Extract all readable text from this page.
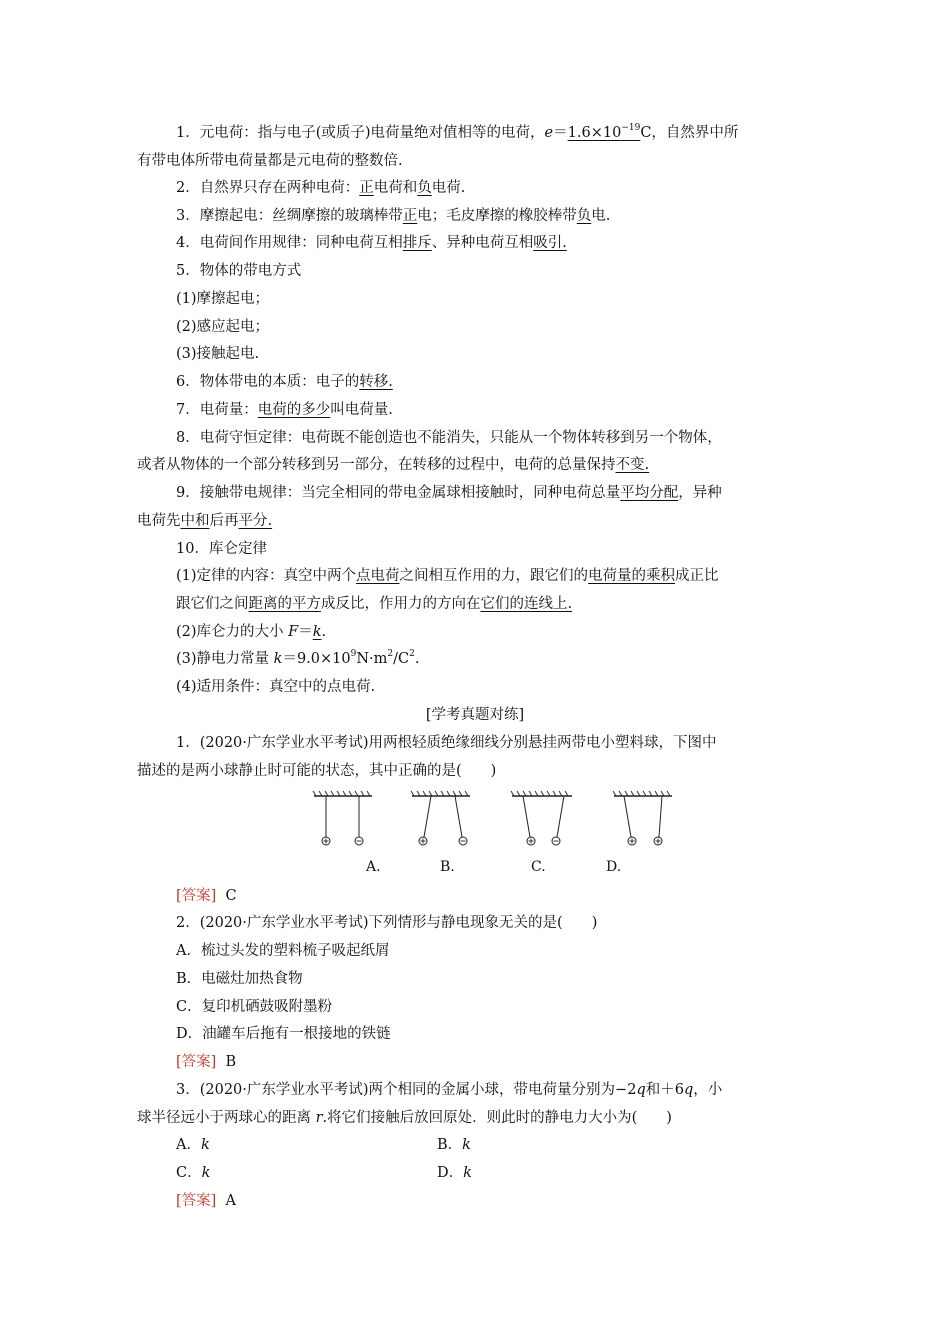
1．元电荷：指与电子(或质子)电荷量绝对值相等的电荷，$e=1.6\times 10^{-19}C$，自然界中所
有带电体所带电荷量都是元电荷的整数倍.
2．自然界只存在两种电荷：正电荷和负电荷.
3．摩擦起电：丝绸摩擦的玻璃棒带正电；毛皮摩擦的橡胶棒带负电.
4．电荷间作用规律：同种电荷互相排斥、异种电荷互相吸引.
5．物体的带电方式
(1)摩擦起电；
(2)感应起电；
(3)接触起电.
6．物体带电的本质：电子的转移.
7．电荷量：电荷的多少叫电荷量.
8．电荷守恒定律：电荷既不能创造也不能消失，只能从一个物体转移到另一个物体，
或者从物体的一个部分转移到另一部分，在转移的过程中，电荷的总量保持不变.
9．接触带电规律：当完全相同的带电金属球相接触时，同种电荷总量平均分配，异种
电荷先中和后再平分.
10．库仑定律
(1)定律的内容：真空中两个点电荷之间相互作用的力，跟它们的电荷量的乘积成正比
跟它们之间距离的平方成反比，作用力的方向在它们的连线上.
(2)库仑力的大小 F＝k.
(3)静电力常量 $k=9.0\times 10^9N\cdot m^2/C^2$.
(4)适用条件：真空中的点电荷.
[学考真题对练]
1．(2020·广东学业水平考试)用两根轻质绝缘细线分别悬挂两带电小塑料球，下图中
描述的是两小球静止时可能的状态，其中正确的是(　　)
A.	B.	C.	D.
[答案] C
2．(2020·广东学业水平考试)下列情形与静电现象无关的是(　　)
A．梳过头发的塑料梳子吸起纸屑
B．电磁灶加热食物
C．复印机硒鼓吸附墨粉
D．油罐车后拖有一根接地的铁链
[答案] B
3．(2020·广东学业水平考试)两个相同的金属小球，带电荷量分别为−2q和＋6q，小
球半径远小于两球心的距离 r.将它们接触后放回原处．则此时的静电力大小为(　　)
A．k	B．k
C．k	D．k
[答案] A
